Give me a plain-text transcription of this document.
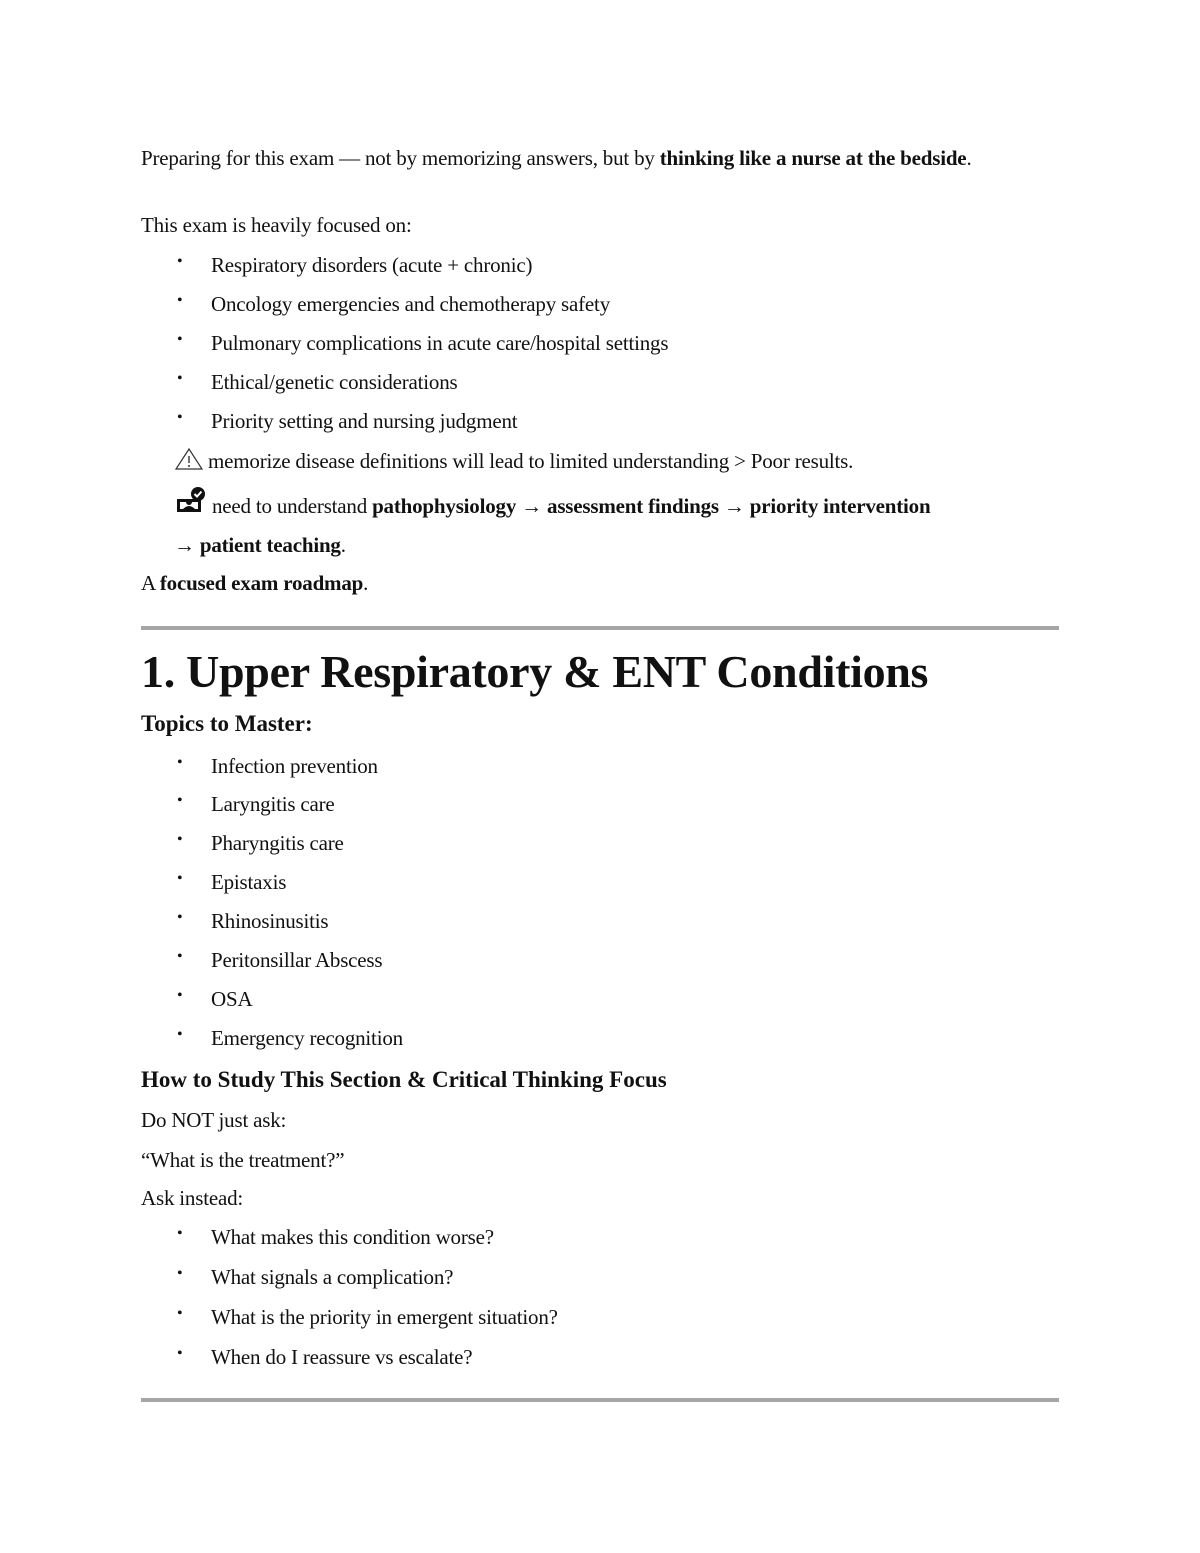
Preparing for this exam — not by memorizing answers, but by thinking like a nurse at the bedside.

This exam is heavily focused on:

• Respiratory disorders (acute + chronic)
• Oncology emergencies and chemotherapy safety
• Pulmonary complications in acute care/hospital settings
• Ethical/genetic considerations
• Priority setting and nursing judgment

memorize disease definitions will lead to limited understanding > Poor results.

need to understand pathophysiology → assessment findings → priority intervention

→ patient teaching.

A focused exam roadmap.

1. Upper Respiratory & ENT Conditions
Topics to Master:
• Infection prevention
• Laryngitis care
• Pharyngitis care
• Epistaxis
• Rhinosinusitis
• Peritonsillar Abscess
• OSA
• Emergency recognition
How to Study This Section & Critical Thinking Focus

Do NOT just ask:

“What is the treatment?”

Ask instead:

• What makes this condition worse?
• What signals a complication?
• What is the priority in emergent situation?
• When do I reassure vs escalate?
